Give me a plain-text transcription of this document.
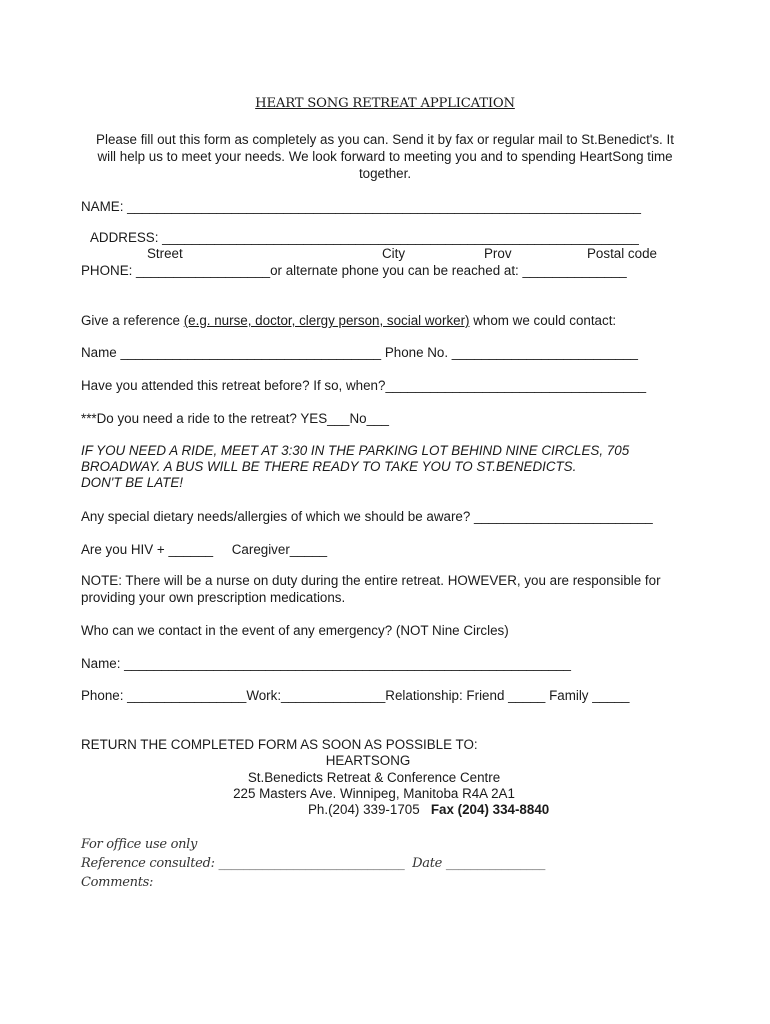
HEART SONG RETREAT APPLICATION
Please fill out this form as completely as you can. Send it by fax or regular mail to St.Benedict's. It
will help us to meet your needs. We look forward to meeting you and to spending HeartSong time
together.
NAME: _____________________________________________________________________
ADDRESS: ________________________________________________________________
Street	City	Prov	Postal code
PHONE: __________________or alternate phone you can be reached at: ______________
Give a reference (e.g. nurse, doctor, clergy person, social worker) whom we could contact:
Name ___________________________________ Phone No. _________________________
Have you attended this retreat before? If so, when?___________________________________
***Do you need a ride to the retreat? YES___No___
IF YOU NEED A RIDE, MEET AT 3:30 IN THE PARKING LOT BEHIND NINE CIRCLES, 705
BROADWAY. A BUS WILL BE THERE READY TO TAKE YOU TO ST.BENEDICTS.
DON'T BE LATE!
Any special dietary needs/allergies of which we should be aware? ________________________
Are you HIV + ______     Caregiver_____
NOTE: There will be a nurse on duty during the entire retreat. HOWEVER, you are responsible for
providing your own prescription medications.
Who can we contact in the event of any emergency? (NOT Nine Circles)
Name: ____________________________________________________________
Phone: ________________Work:______________Relationship: Friend _____ Family _____
RETURN THE COMPLETED FORM AS SOON AS POSSIBLE TO:
HEARTSONG
St.Benedicts Retreat & Conference Centre
225 Masters Ave. Winnipeg, Manitoba R4A 2A1
Ph.(204) 339-1705 Fax (204) 334-8840
For office use only
Reference consulted: ______________________________  Date ________________
Comments:
